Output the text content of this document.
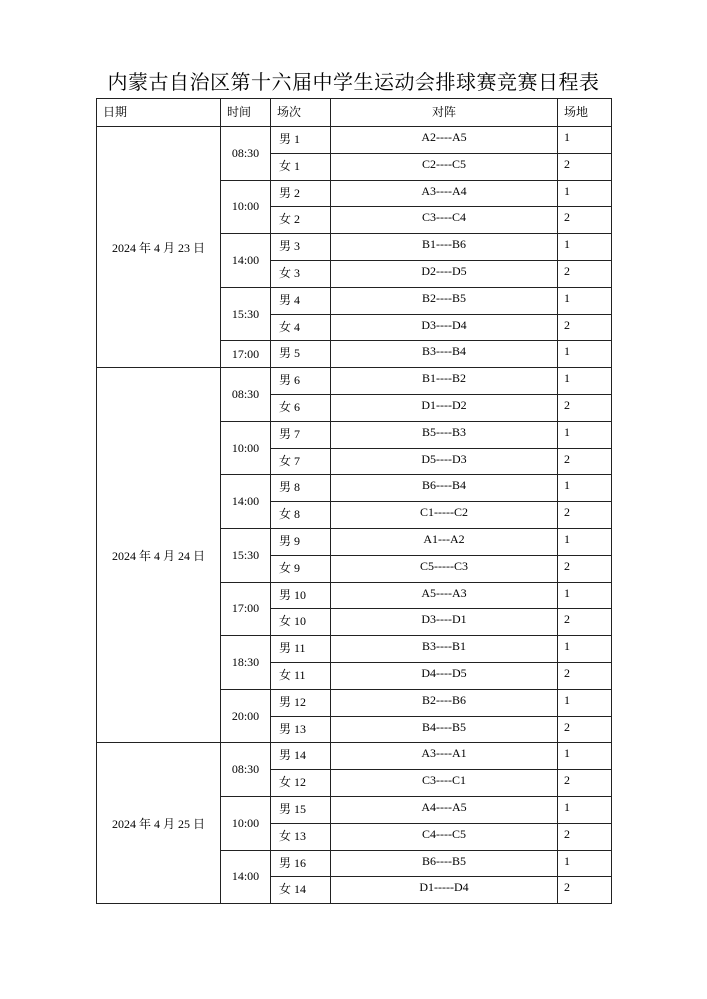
内蒙古自治区第十六届中学生运动会排球赛竞赛日程表
日期	时间	场次	对阵	场地
2024 年 4 月 23 日	08:30	男 1	A2----A5	1
		女 1	C2----C5	2
	10:00	男 2	A3----A4	1
		女 2	C3----C4	2
	14:00	男 3	B1----B6	1
		女 3	D2----D5	2
	15:30	男 4	B2----B5	1
		女 4	D3----D4	2
	17:00	男 5	B3----B4	1
2024 年 4 月 24 日	08:30	男 6	B1----B2	1
		女 6	D1----D2	2
	10:00	男 7	B5----B3	1
		女 7	D5----D3	2
	14:00	男 8	B6----B4	1
		女 8	C1-----C2	2
	15:30	男 9	A1---A2	1
		女 9	C5-----C3	2
	17:00	男 10	A5----A3	1
		女 10	D3----D1	2
	18:30	男 11	B3----B1	1
		女 11	D4----D5	2
	20:00	男 12	B2----B6	1
		男 13	B4----B5	2
2024 年 4 月 25 日	08:30	男 14	A3----A1	1
		女 12	C3----C1	2
	10:00	男 15	A4----A5	1
		女 13	C4----C5	2
	14:00	男 16	B6----B5	1
		女 14	D1-----D4	2
